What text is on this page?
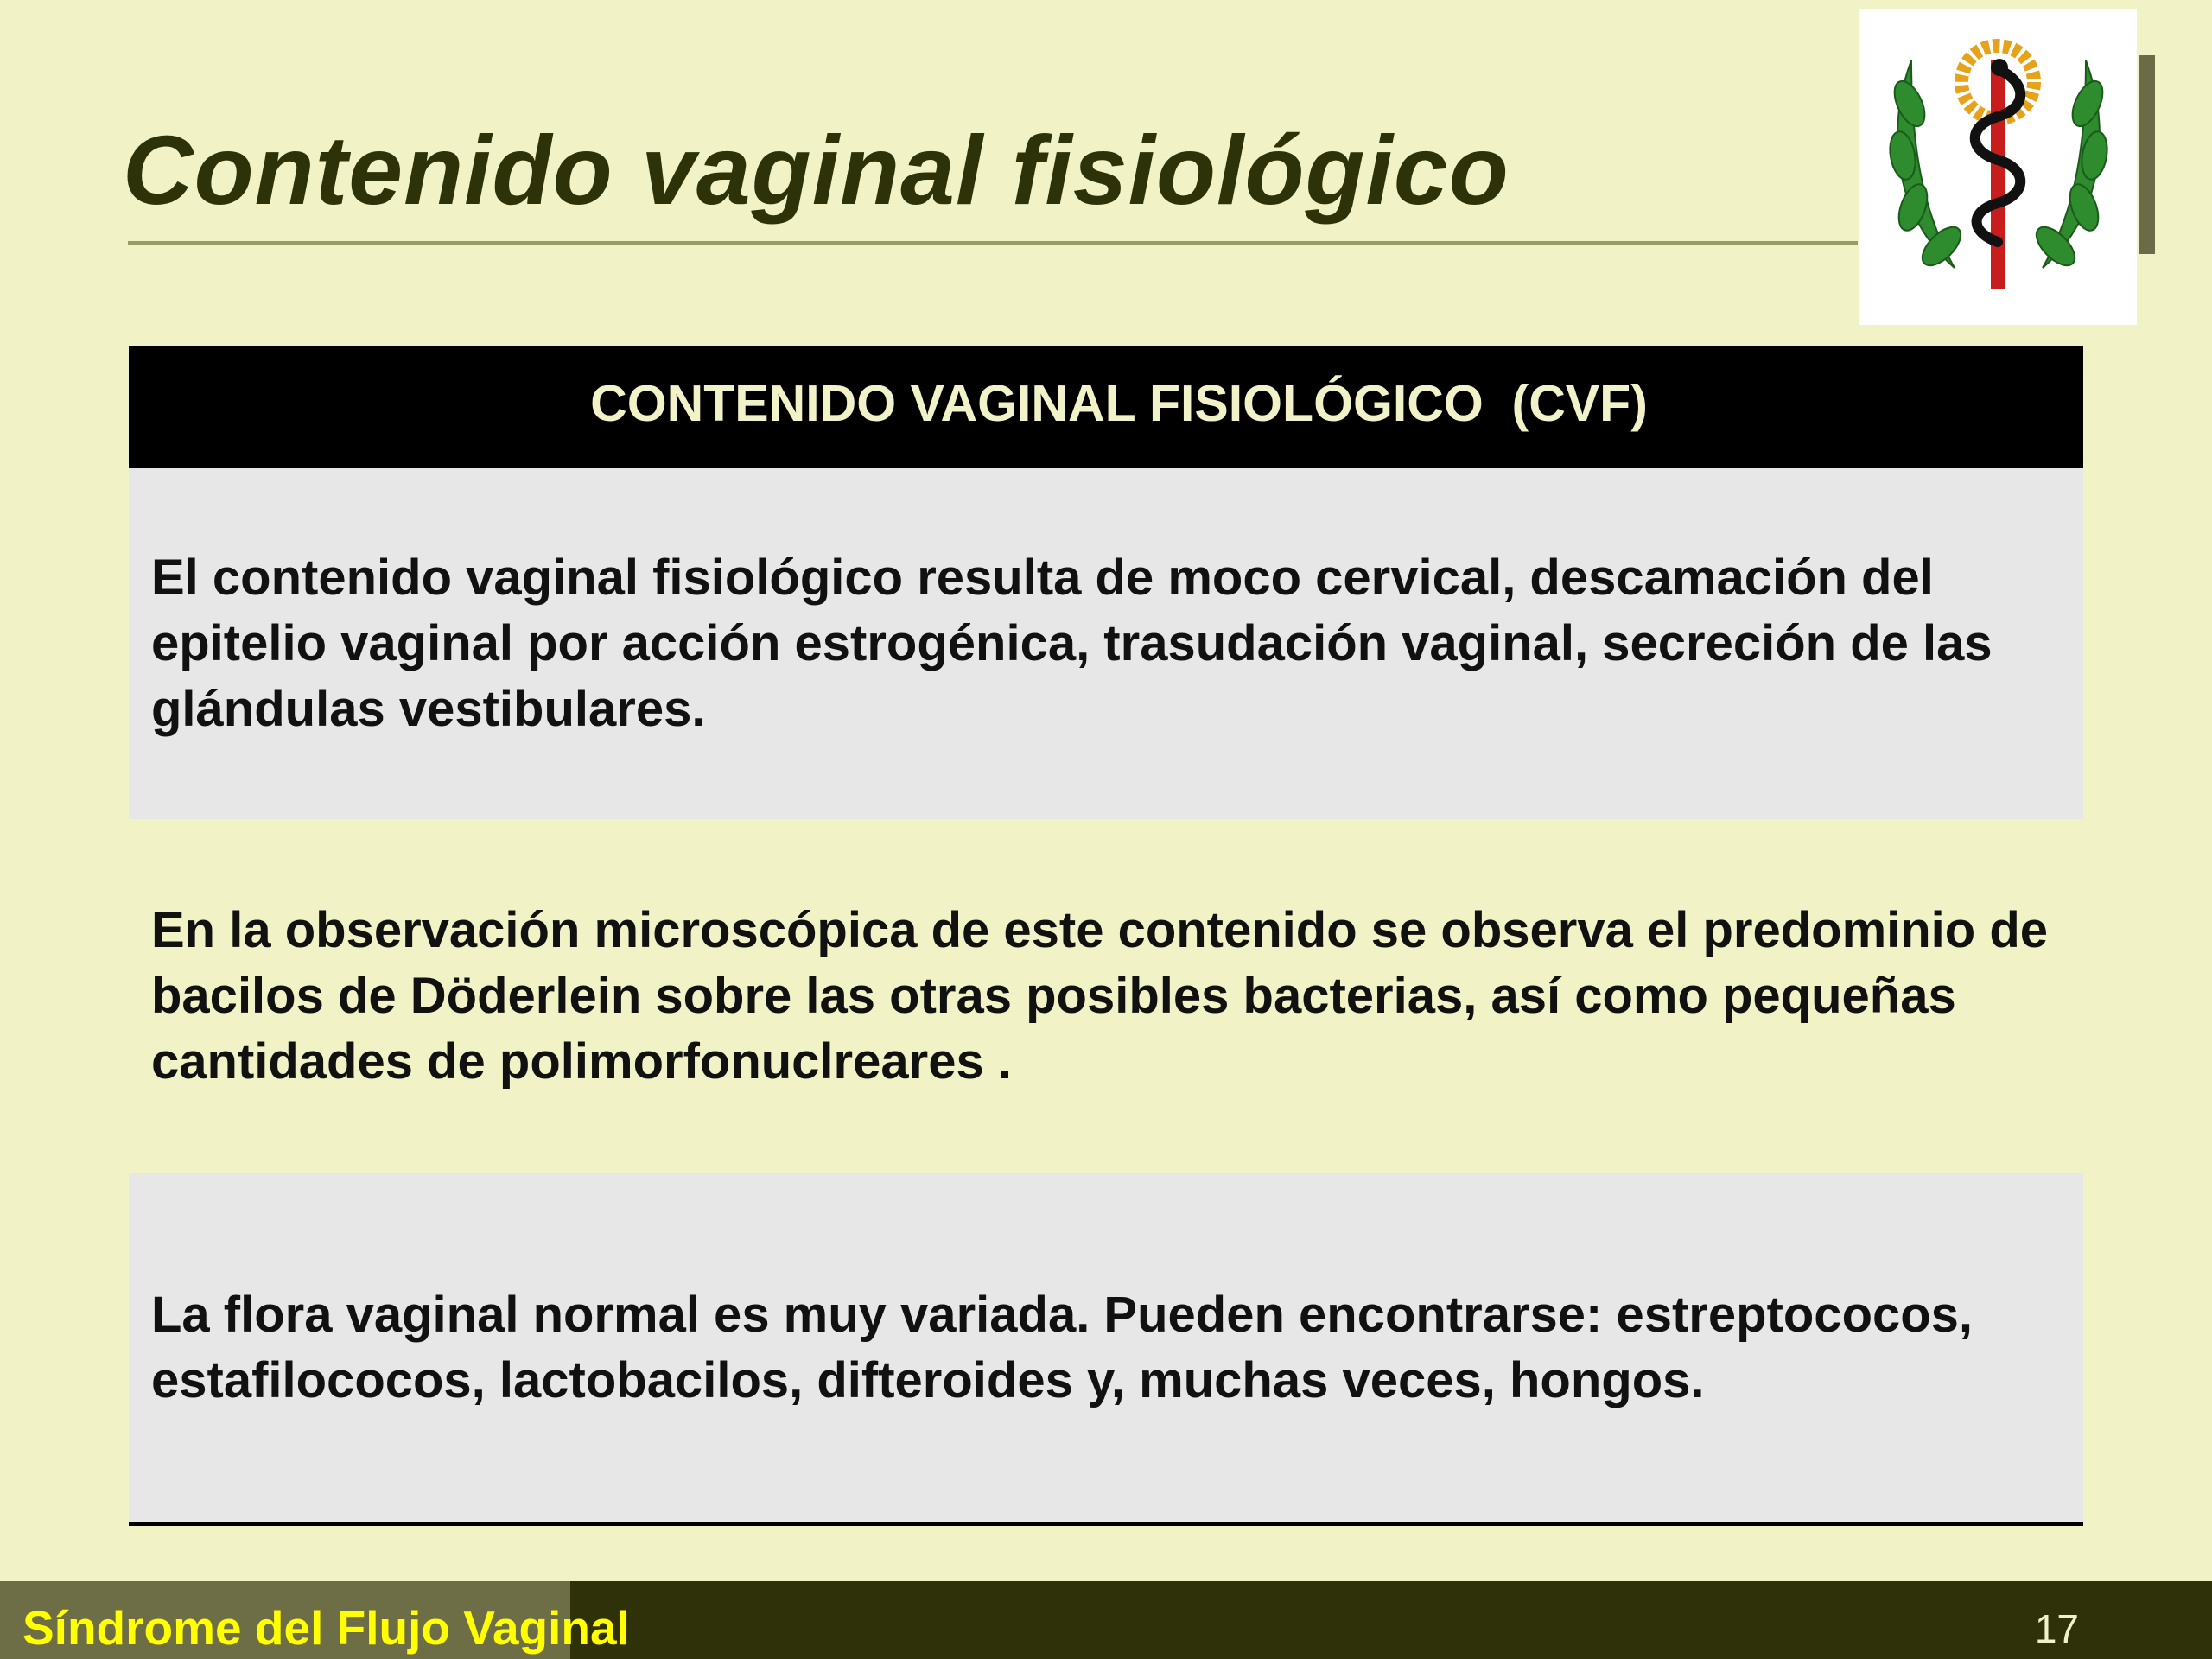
Contenido vaginal fisiológico
CONTENIDO VAGINAL FISIOLÓGICO  (CVF)

El contenido vaginal fisiológico resulta de moco cervical, descamación del epitelio vaginal por acción estrogénica, trasudación vaginal, secreción de las glándulas vestibulares.

En la observación microscópica de este contenido se observa el predominio de bacilos de Döderlein sobre las otras posibles bacterias, así como pequeñas cantidades de polimorfonuclreares .

La flora vaginal normal es muy variada. Pueden encontrarse: estreptococos, estafilococos, lactobacilos, difteroides y, muchas veces, hongos.

Síndrome del Flujo Vaginal	17
